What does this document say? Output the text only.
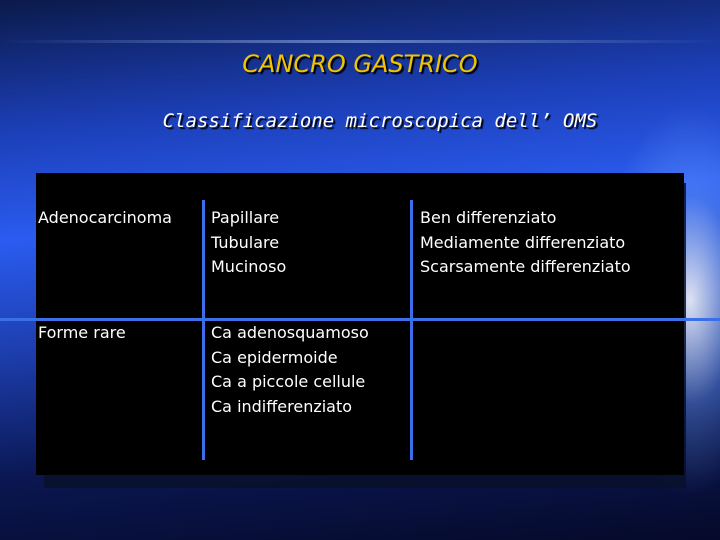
CANCRO GASTRICO
Classificazione microscopica dell’ OMS
Adenocarcinoma Papillare
Tubulare
Mucinoso
Ben differenziato
Mediamente differenziato
Scarsamente differenziato
Forme rare	Ca adenosquamoso
Ca epidermoide
Ca a piccole cellule
Ca indifferenziato
